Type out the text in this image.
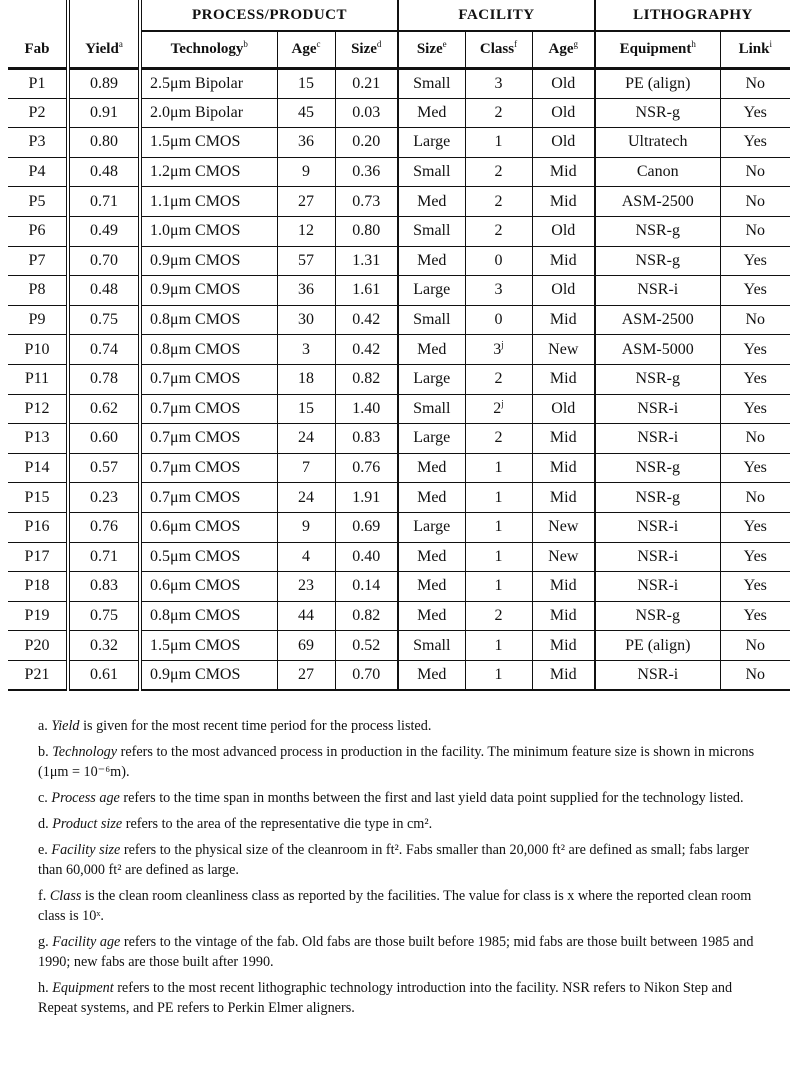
		PROCESS/PRODUCT			FACILITY			LITHOGRAPHY	
Fab	Yield$^a$	Technology$^b$	Age$^c$	Size$^d$	Size$^e$	Class$^f$	Age$^g$	Equipment$^h$	Link$^i$
P1	0.89	2.5μm Bipolar	15	0.21	Small	3	Old	PE (align)	No
P2	0.91	2.0μm Bipolar	45	0.03	Med	2	Old	NSR-g	Yes
P3	0.80	1.5μm CMOS	36	0.20	Large	1	Old	Ultratech	Yes
P4	0.48	1.2μm CMOS	9	0.36	Small	2	Mid	Canon	No
P5	0.71	1.1μm CMOS	27	0.73	Med	2	Mid	ASM-2500	No
P6	0.49	1.0μm CMOS	12	0.80	Small	2	Old	NSR-g	No
P7	0.70	0.9μm CMOS	57	1.31	Med	0	Mid	NSR-g	Yes
P8	0.48	0.9μm CMOS	36	1.61	Large	3	Old	NSR-i	Yes
P9	0.75	0.8μm CMOS	30	0.42	Small	0	Mid	ASM-2500	No
P10	0.74	0.8μm CMOS	3	0.42	Med	3$^j$	New	ASM-5000	Yes
P11	0.78	0.7μm CMOS	18	0.82	Large	2	Mid	NSR-g	Yes
P12	0.62	0.7μm CMOS	15	1.40	Small	2$^j$	Old	NSR-i	Yes
P13	0.60	0.7μm CMOS	24	0.83	Large	2	Mid	NSR-i	No
P14	0.57	0.7μm CMOS	7	0.76	Med	1	Mid	NSR-g	Yes
P15	0.23	0.7μm CMOS	24	1.91	Med	1	Mid	NSR-g	No
P16	0.76	0.6μm CMOS	9	0.69	Large	1	New	NSR-i	Yes
P17	0.71	0.5μm CMOS	4	0.40	Med	1	New	NSR-i	Yes
P18	0.83	0.6μm CMOS	23	0.14	Med	1	Mid	NSR-i	Yes
P19	0.75	0.8μm CMOS	44	0.82	Med	2	Mid	NSR-g	Yes
P20	0.32	1.5μm CMOS	69	0.52	Small	1	Mid	PE (align)	No
P21	0.61	0.9μm CMOS	27	0.70	Med	1	Mid	NSR-i	No

a. Yield is given for the most recent time period for the process listed.

b. Technology refers to the most advanced process in production in the facility. The minimum feature size is shown in microns (1μm = 10⁻⁶m).

c. Process age refers to the time span in months between the first and last yield data point supplied for the technology listed.

d. Product size refers to the area of the representative die type in cm².

e. Facility size refers to the physical size of the cleanroom in ft². Fabs smaller than 20,000 ft² are defined as small; fabs larger than 60,000 ft² are defined as large.

f. Class is the clean room cleanliness class as reported by the facilities. The value for class is x where the reported clean room class is 10ˣ.

g. Facility age refers to the vintage of the fab. Old fabs are those built before 1985; mid fabs are those built between 1985 and 1990; new fabs are those built after 1990.

h. Equipment refers to the most recent lithographic technology introduction into the facility. NSR refers to Nikon Step and Repeat systems, and PE refers to Perkin Elmer aligners.
